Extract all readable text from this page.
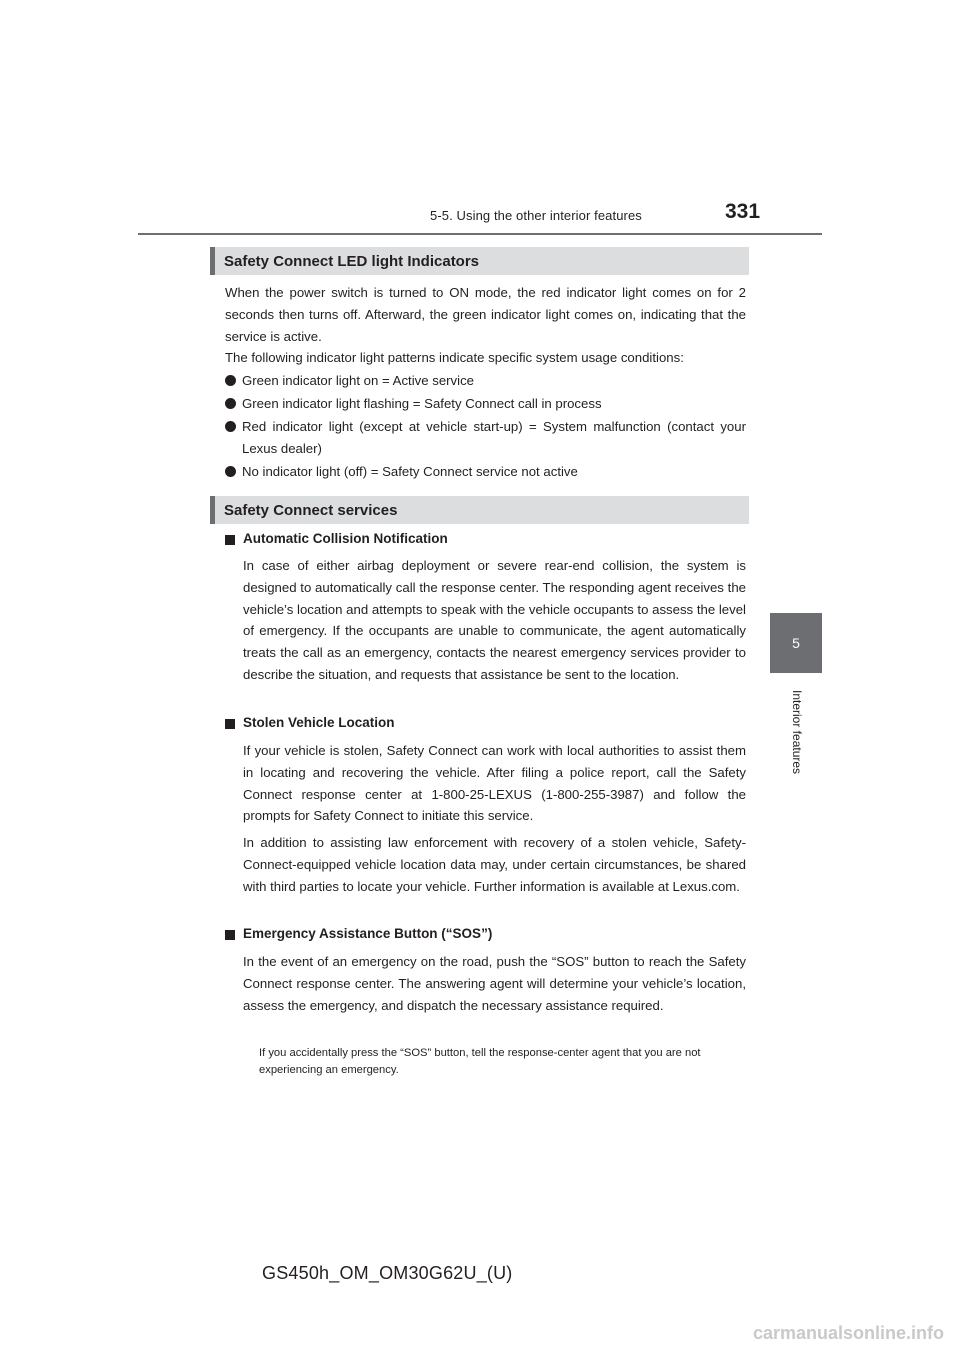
5-5. Using the other interior features	331
5
Interior features
Safety Connect LED light Indicators

When the power switch is turned to ON mode, the red indicator light comes on for 2 seconds then turns off. Afterward, the green indicator light comes on, indicating that the service is active.

The following indicator light patterns indicate specific system usage conditions:

Green indicator light on = Active service
Green indicator light flashing = Safety Connect call in process
Red indicator light (except at vehicle start-up) = System malfunction (contact your Lexus dealer)
No indicator light (off) = Safety Connect service not active
Safety Connect services
Automatic Collision Notification

In case of either airbag deployment or severe rear-end collision, the system is designed to automatically call the response center. The responding agent receives the vehicle’s location and attempts to speak with the vehicle occupants to assess the level of emergency. If the occupants are unable to communicate, the agent automatically treats the call as an emergency, contacts the nearest emergency services provider to describe the situation, and requests that assistance be sent to the location.

Stolen Vehicle Location

If your vehicle is stolen, Safety Connect can work with local authorities to assist them in locating and recovering the vehicle. After filing a police report, call the Safety Connect response center at 1-800-25-LEXUS (1-800-255-3987) and follow the prompts for Safety Connect to initiate this service.

In addition to assisting law enforcement with recovery of a stolen vehicle, Safety-Connect-equipped vehicle location data may, under certain circumstances, be shared with third parties to locate your vehicle. Further information is available at Lexus.com.

Emergency Assistance Button (“SOS”)

In the event of an emergency on the road, push the “SOS” button to reach the Safety Connect response center. The answering agent will determine your vehicle’s location, assess the emergency, and dispatch the necessary assistance required.

If you accidentally press the “SOS” button, tell the response-center agent that you are not experiencing an emergency.
GS450h_OM_OM30G62U_(U)
carmanualsonline.info
